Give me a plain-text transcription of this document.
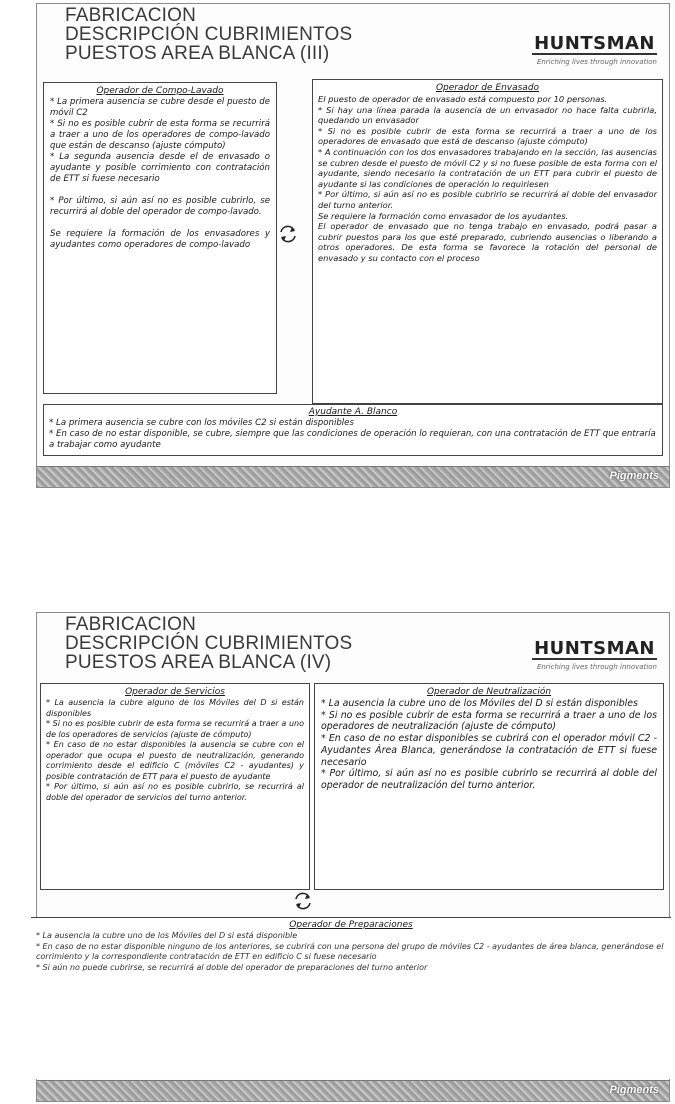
FABRICACION
DESCRIPCIÓN CUBRIMIENTOS
PUESTOS AREA BLANCA (III)	HUNTSMAN
Enriching lives through innovation
Operador de Compo-Lavado
* La primera ausencia se cubre desde el puesto de móvil C2
* Si no es posible cubrir de esta forma se recurrirá a traer a uno de los operadores de compo-lavado que están de descanso (ajuste cómputo)
* La segunda ausencia desde el de envasado o ayudante y posible corrimiento con contratación de ETT si fuese necesario

* Por último, si aún así no es posible cubrirlo, se recurrirá al doble del operador de compo-lavado.

Se requiere la formación de los envasadores y ayudantes como operadores de compo-lavado
Operador de Envasado
El puesto de operador de envasado está compuesto por 10 personas.
* Si hay una línea parada la ausencia de un envasador no hace falta cubrirla, quedando un envasador
* Si no es posible cubrir de esta forma se recurrirá a traer a uno de los operadores de envasado que está de descanso (ajuste cómputo)
* A continuación con los dos envasadores trabajando en la sección, las ausencias se cubren desde el puesto de móvil C2 y si no fuese posible de esta forma con el ayudante, siendo necesario la contratación de un ETT para cubrir el puesto de ayudante si las condiciones de operación lo requiriesen
* Por último, si aún así no es posible cubrirlo se recurrirá al doble del envasador del turno anterior.
Se requiere la formación como envasador de los ayudantes.
El operador de envasado que no tenga trabajo en envasado, podrá pasar a cubrir puestos para los que esté preparado, cubriendo ausencias o liberando a otros operadores. De esta forma se favorece la rotación del personal de envasado y su contacto con el proceso
Ayudante A. Blanco
* La primera ausencia se cubre con los móviles C2 si están disponibles
* En caso de no estar disponible, se cubre, siempre que las condiciones de operación lo requieran, con una contratación de ETT que entraría a trabajar como ayudante
Pigments
FABRICACION
DESCRIPCIÓN CUBRIMIENTOS
PUESTOS AREA BLANCA (IV)
HUNTSMAN
Enriching lives through innovation
Operador de Servicios
* La ausencia la cubre alguno de los Móviles del D si están disponibles
* Si no es posible cubrir de esta forma se recurrirá a traer a uno de los operadores de servicios (ajuste de cómputo)
* En caso de no estar disponibles la ausencia se cubre con el operador que ocupa el puesto de neutralización, generando corrimiento desde el edificio C (móviles C2 - ayudantes) y posible contratación de ETT para el puesto de ayudante
* Por último, si aún así no es posible cubrirlo, se recurrirá al doble del operador de servicios del turno anterior.
Operador de Neutralización
* La ausencia la cubre uno de los Móviles del D si están disponibles
* Si no es posible cubrir de esta forma se recurrirá a traer a uno de los operadores de neutralización (ajuste de cómputo)
* En caso de no estar disponibles se cubrirá con el operador móvil C2 - Ayudantes Área Blanca, generándose la contratación de ETT si fuese necesario
* Por último, si aún así no es posible cubrirlo se recurrirá al doble del operador de neutralización del turno anterior.
Operador de Preparaciones
* La ausencia la cubre uno de los Móviles del D si está disponible
* En caso de no estar disponible ninguno de los anteriores, se cubrirá con una persona del grupo de móviles C2 - ayudantes de área blanca, generándose el corrimiento y la correspondiente contratación de ETT en edificio C si fuese necesario
* Si aún no puede cubrirse, se recurrirá al doble del operador de preparaciones del turno anterior
Pigments
